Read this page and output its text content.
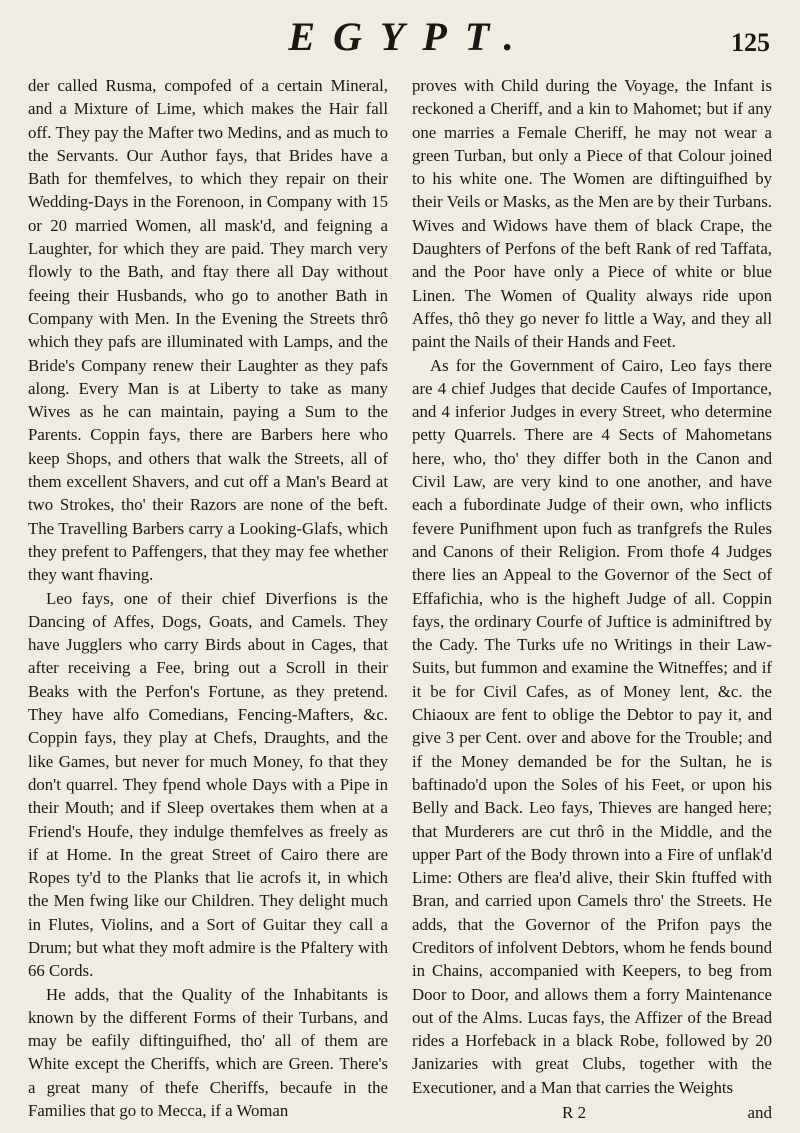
EGYPT.	125

der called Rusma, compofed of a certain Mineral, and a Mixture of Lime, which makes the Hair fall off. They pay the Mafter two Medins, and as much to the Servants. Our Author fays, that Brides have a Bath for themfelves, to which they repair on their Wedding-Days in the Forenoon, in Company with 15 or 20 married Women, all mask'd, and feigning a Laughter, for which they are paid. They march very flowly to the Bath, and ftay there all Day without feeing their Husbands, who go to another Bath in Company with Men. In the Evening the Streets thrô which they pafs are illuminated with Lamps, and the Bride's Company renew their Laughter as they pafs along. Every Man is at Liberty to take as many Wives as he can maintain, paying a Sum to the Parents. Coppin fays, there are Barbers here who keep Shops, and others that walk the Streets, all of them excellent Shavers, and cut off a Man's Beard at two Strokes, tho' their Razors are none of the beft. The Travelling Barbers carry a Looking-Glafs, which they prefent to Paffengers, that they may fee whether they want fhaving.

Leo fays, one of their chief Diverfions is the Dancing of Affes, Dogs, Goats, and Camels. They have Jugglers who carry Birds about in Cages, that after receiving a Fee, bring out a Scroll in their Beaks with the Perfon's Fortune, as they pretend. They have alfo Comedians, Fencing-Mafters, &c. Coppin fays, they play at Chefs, Draughts, and the like Games, but never for much Money, fo that they don't quarrel. They fpend whole Days with a Pipe in their Mouth; and if Sleep overtakes them when at a Friend's Houfe, they indulge themfelves as freely as if at Home. In the great Street of Cairo there are Ropes ty'd to the Planks that lie acrofs it, in which the Men fwing like our Children. They delight much in Flutes, Violins, and a Sort of Guitar they call a Drum; but what they moft admire is the Pfaltery with 66 Cords.

He adds, that the Quality of the Inhabitants is known by the different Forms of their Turbans, and may be eafily diftinguifhed, tho' all of them are White except the Cheriffs, which are Green. There's a great many of thefe Cheriffs, becaufe in the Families that go to Mecca, if a Woman

proves with Child during the Voyage, the Infant is reckoned a Cheriff, and a kin to Mahomet; but if any one marries a Female Cheriff, he may not wear a green Turban, but only a Piece of that Colour joined to his white one. The Women are diftinguifhed by their Veils or Masks, as the Men are by their Turbans. Wives and Widows have them of black Crape, the Daughters of Perfons of the beft Rank of red Taffata, and the Poor have only a Piece of white or blue Linen. The Women of Quality always ride upon Affes, thô they go never fo little a Way, and they all paint the Nails of their Hands and Feet.

As for the Government of Cairo, Leo fays there are 4 chief Judges that decide Caufes of Importance, and 4 inferior Judges in every Street, who determine petty Quarrels. There are 4 Sects of Mahometans here, who, tho' they differ both in the Canon and Civil Law, are very kind to one another, and have each a fubordinate Judge of their own, who inflicts fevere Punifhment upon fuch as tranfgrefs the Rules and Canons of their Religion. From thofe 4 Judges there lies an Appeal to the Governor of the Sect of Effafichia, who is the higheft Judge of all. Coppin fays, the ordinary Courfe of Juftice is adminiftred by the Cady. The Turks ufe no Writings in their Law-Suits, but fummon and examine the Witneffes; and if it be for Civil Cafes, as of Money lent, &c. the Chiaoux are fent to oblige the Debtor to pay it, and give 3 per Cent. over and above for the Trouble; and if the Money demanded be for the Sultan, he is baftinado'd upon the Soles of his Feet, or upon his Belly and Back. Leo fays, Thieves are hanged here; that Murderers are cut thrô in the Middle, and the upper Part of the Body thrown into a Fire of unflak'd Lime: Others are flea'd alive, their Skin ftuffed with Bran, and carried upon Camels thro' the Streets. He adds, that the Governor of the Prifon pays the Creditors of infolvent Debtors, whom he fends bound in Chains, accompanied with Keepers, to beg from Door to Door, and allows them a forry Maintenance out of the Alms. Lucas fays, the Affizer of the Bread rides a Horfeback in a black Robe, followed by 20 Janizaries with great Clubs, together with the Executioner, and a Man that carries the Weights

R 2	and
